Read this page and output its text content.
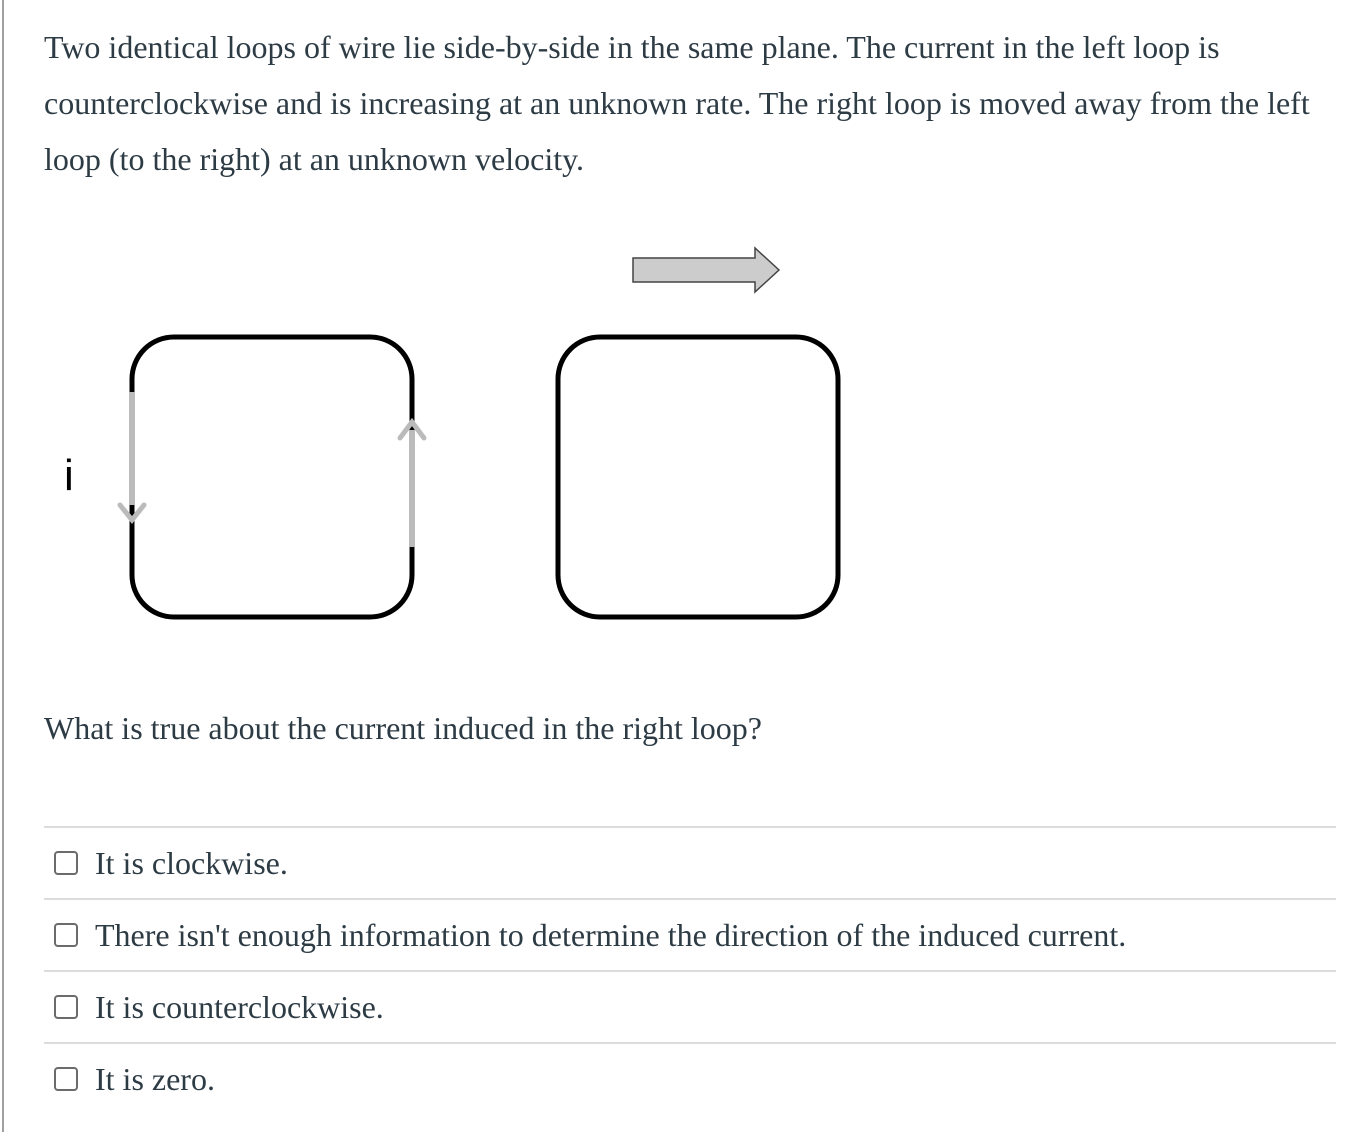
Two identical loops of wire lie side-by-side in the same plane. The current in the left loop is counterclockwise and is increasing at an unknown rate. The right loop is moved away from the left loop (to the right) at an unknown velocity.

i

What is true about the current induced in the right loop?

It is clockwise.
There isn't enough information to determine the direction of the induced current.
It is counterclockwise.
It is zero.
